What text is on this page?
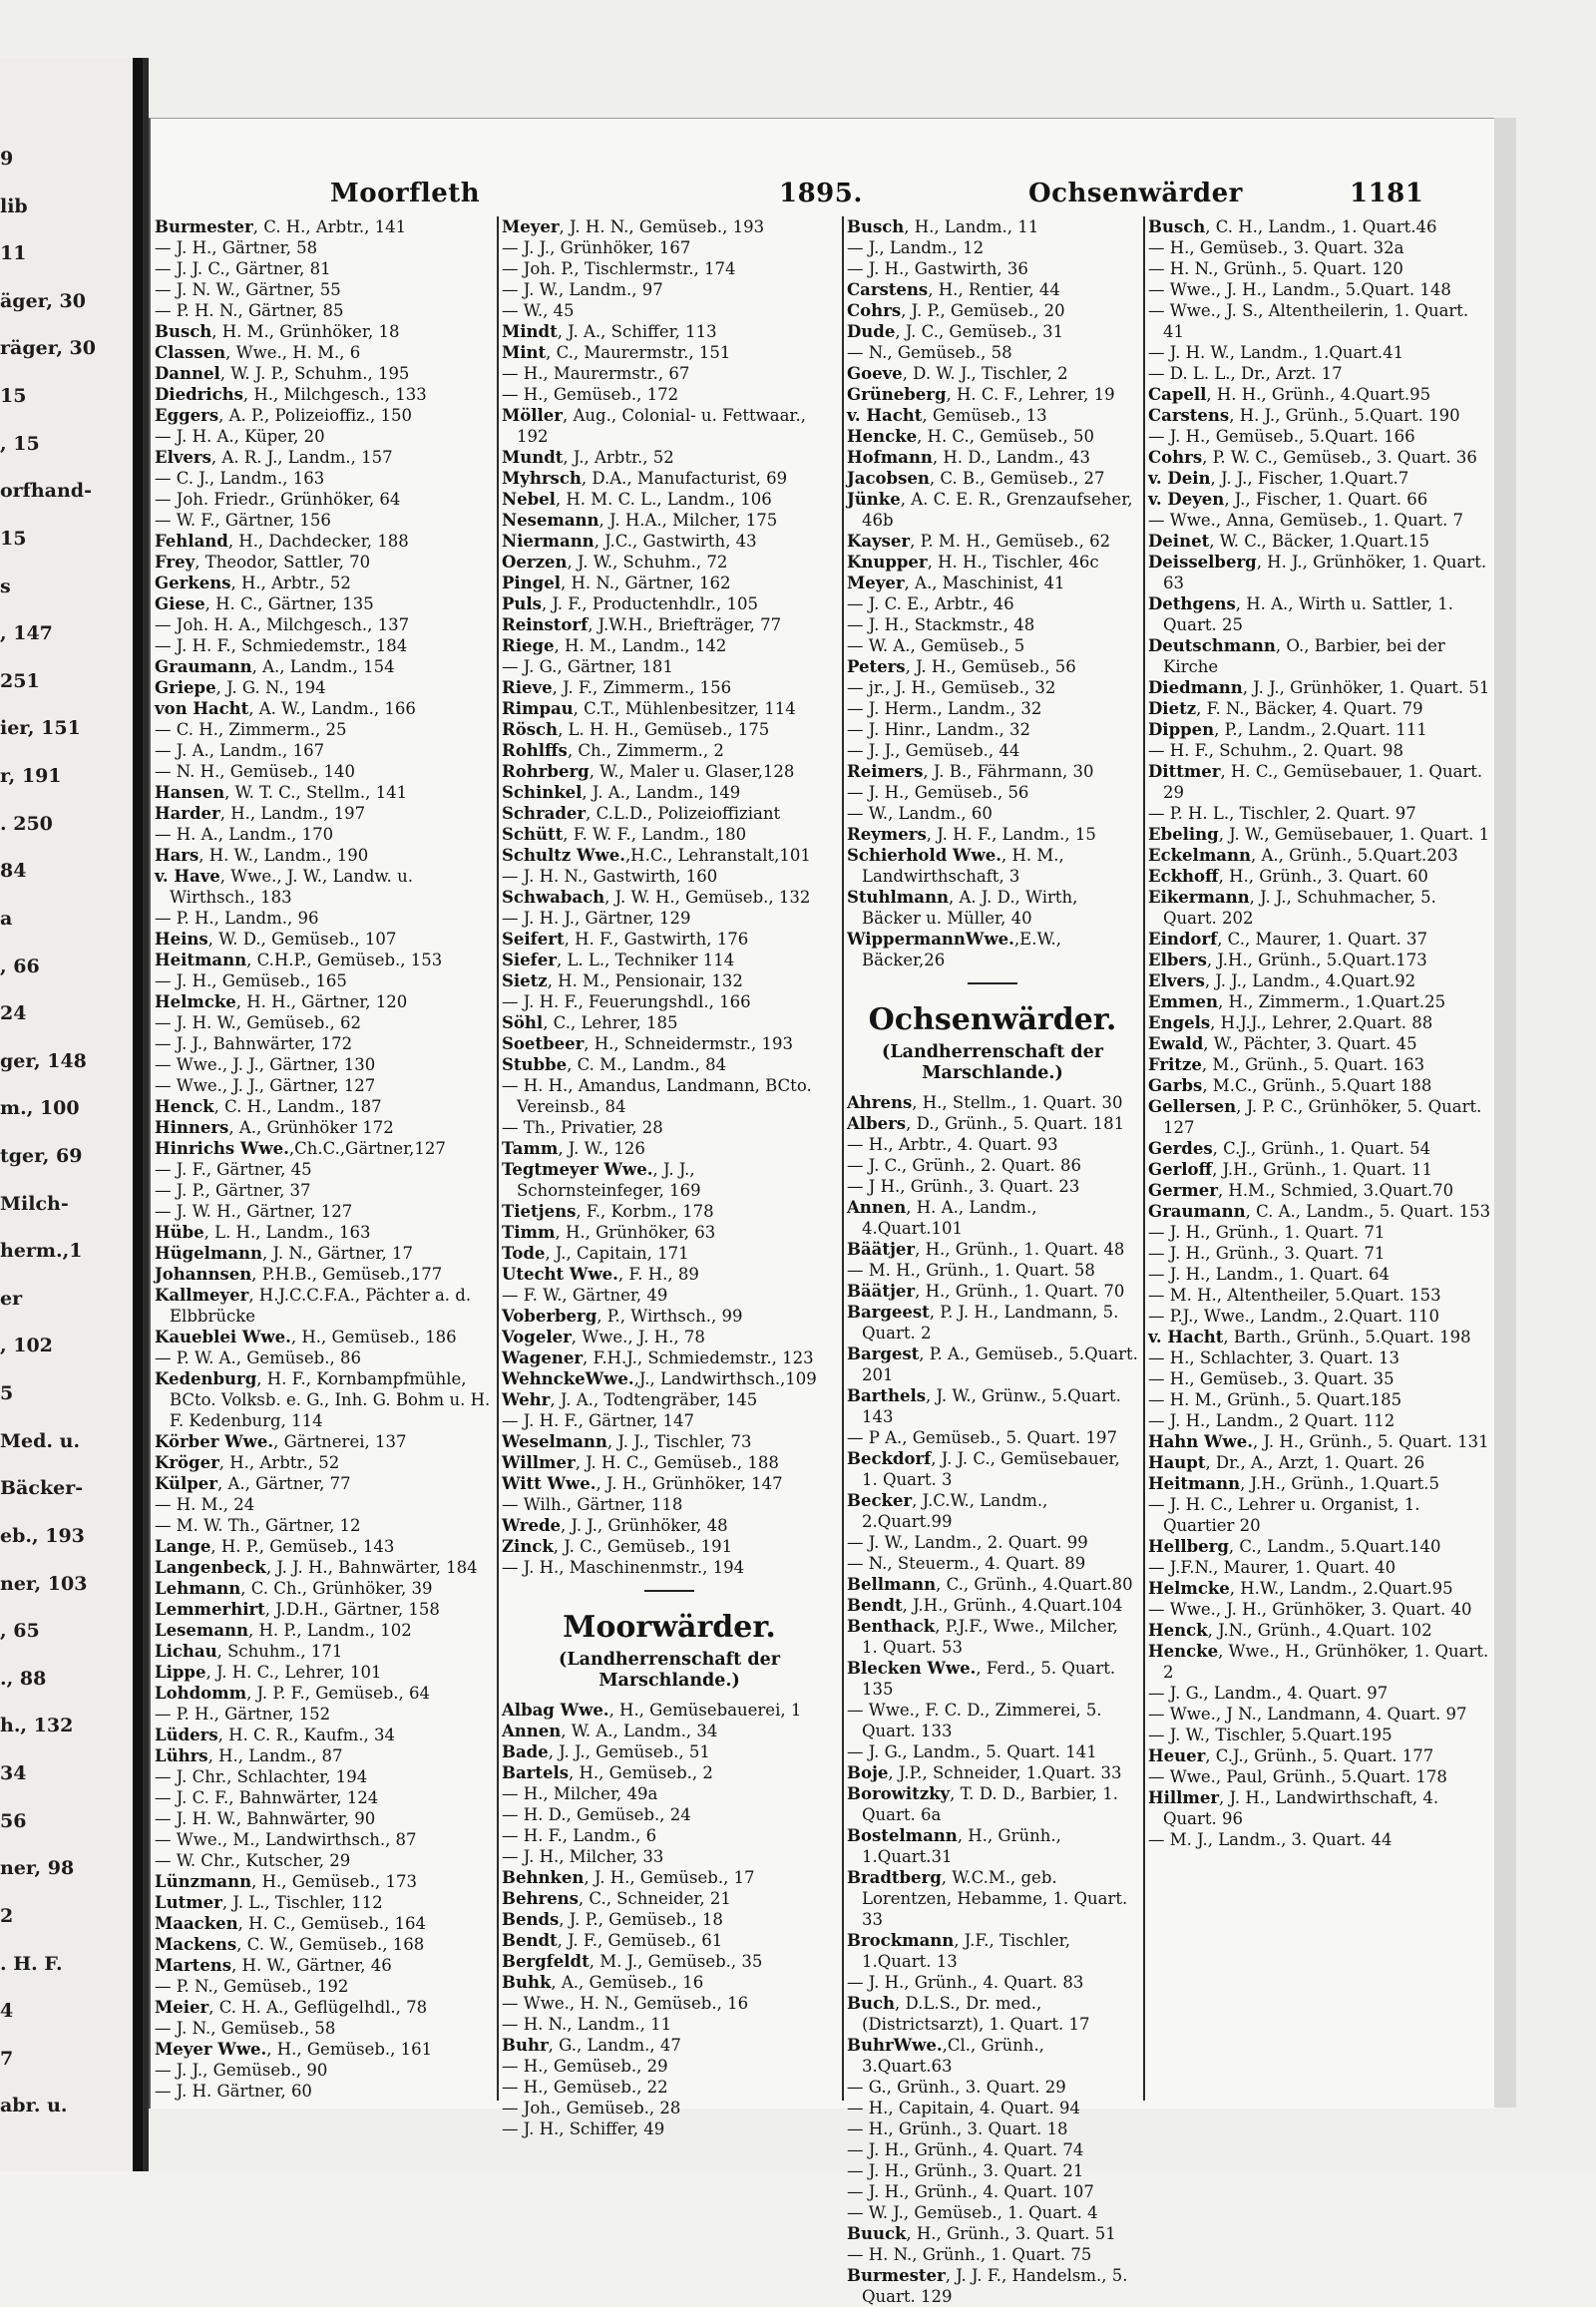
9
lib
11
äger, 30
räger, 30
15
, 15
orfhand-
15
s
, 147
251
ier, 151
r, 191
. 250
84
a
, 66
24
ger, 148
m., 100
tger, 69
Milch-
herm.,1
er
, 102
5
Med. u.
Bäcker-
eb., 193
ner, 103
, 65
., 88
h., 132
34
56
ner, 98
2
. H. F.
4
7
abr. u.
Moorfleth	1895.	Ochsenwärder	1181

Burmester, C. H., Arbtr., 141

— J. H., Gärtner, 58

— J. J. C., Gärtner, 81

— J. N. W., Gärtner, 55

— P. H. N., Gärtner, 85

Busch, H. M., Grünhöker, 18

Classen, Wwe., H. M., 6

Dannel, W. J. P., Schuhm., 195

Diedrichs, H., Milchgesch., 133

Eggers, A. P., Polizeioffiz., 150

— J. H. A., Küper, 20

Elvers, A. R. J., Landm., 157

— C. J., Landm., 163

— Joh. Friedr., Grünhöker, 64

— W. F., Gärtner, 156

Fehland, H., Dachdecker, 188

Frey, Theodor, Sattler, 70

Gerkens, H., Arbtr., 52

Giese, H. C., Gärtner, 135

— Joh. H. A., Milchgesch., 137

— J. H. F., Schmiedemstr., 184

Graumann, A., Landm., 154

Griepe, J. G. N., 194

von Hacht, A. W., Landm., 166

— C. H., Zimmerm., 25

— J. A., Landm., 167

— N. H., Gemüseb., 140

Hansen, W. T. C., Stellm., 141

Harder, H., Landm., 197

— H. A., Landm., 170

Hars, H. W., Landm., 190

v. Have, Wwe., J. W., Landw. u. Wirthsch., 183

— P. H., Landm., 96

Heins, W. D., Gemüseb., 107

Heitmann, C.H.P., Gemüseb., 153

— J. H., Gemüseb., 165

Helmcke, H. H., Gärtner, 120

— J. H. W., Gemüseb., 62

— J. J., Bahnwärter, 172

— Wwe., J. J., Gärtner, 130

— Wwe., J. J., Gärtner, 127

Henck, C. H., Landm., 187

Hinners, A., Grünhöker 172

Hinrichs Wwe.,Ch.C.,Gärtner,127

— J. F., Gärtner, 45

— J. P., Gärtner, 37

— J. W. H., Gärtner, 127

Hübe, L. H., Landm., 163

Hügelmann, J. N., Gärtner, 17

Johannsen, P.H.B., Gemüseb.,177

Kallmeyer, H.J.C.C.F.A., Pächter a. d. Elbbrücke

Kaueblei Wwe., H., Gemüseb., 186

— P. W. A., Gemüseb., 86

Kedenburg, H. F., Kornbampfmühle, BCto. Volksb. e. G., Inh. G. Bohm u. H. F. Kedenburg, 114

Körber Wwe., Gärtnerei, 137

Kröger, H., Arbtr., 52

Külper, A., Gärtner, 77

— H. M., 24

— M. W. Th., Gärtner, 12

Lange, H. P., Gemüseb., 143

Langenbeck, J. J. H., Bahnwärter, 184

Lehmann, C. Ch., Grünhöker, 39

Lemmerhirt, J.D.H., Gärtner, 158

Lesemann, H. P., Landm., 102

Lichau, Schuhm., 171

Lippe, J. H. C., Lehrer, 101

Lohdomm, J. P. F., Gemüseb., 64

— P. H., Gärtner, 152

Lüders, H. C. R., Kaufm., 34

Lührs, H., Landm., 87

— J. Chr., Schlachter, 194

— J. C. F., Bahnwärter, 124

— J. H. W., Bahnwärter, 90

— Wwe., M., Landwirthsch., 87

— W. Chr., Kutscher, 29

Lünzmann, H., Gemüseb., 173

Lutmer, J. L., Tischler, 112

Maacken, H. C., Gemüseb., 164

Mackens, C. W., Gemüseb., 168

Martens, H. W., Gärtner, 46

— P. N., Gemüseb., 192

Meier, C. H. A., Geflügelhdl., 78

— J. N., Gemüseb., 58

Meyer Wwe., H., Gemüseb., 161

— J. J., Gemüseb., 90

— J. H. Gärtner, 60

Meyer, J. H. N., Gemüseb., 193

— J. J., Grünhöker, 167

— Joh. P., Tischlermstr., 174

— J. W., Landm., 97

— W., 45

Mindt, J. A., Schiffer, 113

Mint, C., Maurermstr., 151

— H., Maurermstr., 67

— H., Gemüseb., 172

Möller, Aug., Colonial- u. Fettwaar., 192

Mundt, J., Arbtr., 52

Myhrsch, D.A., Manufacturist, 69

Nebel, H. M. C. L., Landm., 106

Nesemann, J. H.A., Milcher, 175

Niermann, J.C., Gastwirth, 43

Oerzen, J. W., Schuhm., 72

Pingel, H. N., Gärtner, 162

Puls, J. F., Productenhdlr., 105

Reinstorf, J.W.H., Briefträger, 77

Riege, H. M., Landm., 142

— J. G., Gärtner, 181

Rieve, J. F., Zimmerm., 156

Rimpau, C.T., Mühlenbesitzer, 114

Rösch, L. H. H., Gemüseb., 175

Rohlffs, Ch., Zimmerm., 2

Rohrberg, W., Maler u. Glaser,128

Schinkel, J. A., Landm., 149

Schrader, C.L.D., Polizeioffiziant

Schütt, F. W. F., Landm., 180

Schultz Wwe.,H.C., Lehranstalt,101

— J. H. N., Gastwirth, 160

Schwabach, J. W. H., Gemüseb., 132

— J. H. J., Gärtner, 129

Seifert, H. F., Gastwirth, 176

Siefer, L. L., Techniker 114

Sietz, H. M., Pensionair, 132

— J. H. F., Feuerungshdl., 166

Söhl, C., Lehrer, 185

Soetbeer, H., Schneidermstr., 193

Stubbe, C. M., Landm., 84

— H. H., Amandus, Landmann, BCto. Vereinsb., 84

— Th., Privatier, 28

Tamm, J. W., 126

Tegtmeyer Wwe., J. J., Schornsteinfeger, 169

Tietjens, F., Korbm., 178

Timm, H., Grünhöker, 63

Tode, J., Capitain, 171

Utecht Wwe., F. H., 89

— F. W., Gärtner, 49

Voberberg, P., Wirthsch., 99

Vogeler, Wwe., J. H., 78

Wagener, F.H.J., Schmiedemstr., 123

WehnckeWwe.,J., Landwirthsch.,109

Wehr, J. A., Todtengräber, 145

— J. H. F., Gärtner, 147

Weselmann, J. J., Tischler, 73

Willmer, J. H. C., Gemüseb., 188

Witt Wwe., J. H., Grünhöker, 147

— Wilh., Gärtner, 118

Wrede, J. J., Grünhöker, 48

Zinck, J. C., Gemüseb., 191

— J. H., Maschinenmstr., 194

Moorwärder.
(Landherrenschaft der Marschlande.)

Albag Wwe., H., Gemüsebauerei, 1

Annen, W. A., Landm., 34

Bade, J. J., Gemüseb., 51

Bartels, H., Gemüseb., 2

— H., Milcher, 49a

— H. D., Gemüseb., 24

— H. F., Landm., 6

— J. H., Milcher, 33

Behnken, J. H., Gemüseb., 17

Behrens, C., Schneider, 21

Bends, J. P., Gemüseb., 18

Bendt, J. F., Gemüseb., 61

Bergfeldt, M. J., Gemüseb., 35

Buhk, A., Gemüseb., 16

— Wwe., H. N., Gemüseb., 16

— H. N., Landm., 11

Buhr, G., Landm., 47

— H., Gemüseb., 29

— H., Gemüseb., 22

— Joh., Gemüseb., 28

— J. H., Schiffer, 49

Busch, H., Landm., 11

— J., Landm., 12

— J. H., Gastwirth, 36

Carstens, H., Rentier, 44

Cohrs, J. P., Gemüseb., 20

Dude, J. C., Gemüseb., 31

— N., Gemüseb., 58

Goeve, D. W. J., Tischler, 2

Grüneberg, H. C. F., Lehrer, 19

v. Hacht, Gemüseb., 13

Hencke, H. C., Gemüseb., 50

Hofmann, H. D., Landm., 43

Jacobsen, C. B., Gemüseb., 27

Jünke, A. C. E. R., Grenzaufseher, 46b

Kayser, P. M. H., Gemüseb., 62

Knupper, H. H., Tischler, 46c

Meyer, A., Maschinist, 41

— J. C. E., Arbtr., 46

— J. H., Stackmstr., 48

— W. A., Gemüseb., 5

Peters, J. H., Gemüseb., 56

— jr., J. H., Gemüseb., 32

— J. Herm., Landm., 32

— J. Hinr., Landm., 32

— J. J., Gemüseb., 44

Reimers, J. B., Fährmann, 30

— J. H., Gemüseb., 56

— W., Landm., 60

Reymers, J. H. F., Landm., 15

Schierhold Wwe., H. M., Landwirthschaft, 3

Stuhlmann, A. J. D., Wirth, Bäcker u. Müller, 40

WippermannWwe.,E.W., Bäcker,26

Ochsenwärder.
(Landherrenschaft der Marschlande.)

Ahrens, H., Stellm., 1. Quart. 30

Albers, D., Grünh., 5. Quart. 181

— H., Arbtr., 4. Quart. 93

— J. C., Grünh., 2. Quart. 86

— J H., Grünh., 3. Quart. 23

Annen, H. A., Landm., 4.Quart.101

Bäätjer, H., Grünh., 1. Quart. 48

— M. H., Grünh., 1. Quart. 58

Bäätjer, H., Grünh., 1. Quart. 70

Bargeest, P. J. H., Landmann, 5. Quart. 2

Bargest, P. A., Gemüseb., 5.Quart. 201

Barthels, J. W., Grünw., 5.Quart. 143

— P A., Gemüseb., 5. Quart. 197

Beckdorf, J. J. C., Gemüsebauer, 1. Quart. 3

Becker, J.C.W., Landm., 2.Quart.99

— J. W., Landm., 2. Quart. 99

— N., Steuerm., 4. Quart. 89

Bellmann, C., Grünh., 4.Quart.80

Bendt, J.H., Grünh., 4.Quart.104

Benthack, P.J.F., Wwe., Milcher, 1. Quart. 53

Blecken Wwe., Ferd., 5. Quart. 135

— Wwe., F. C. D., Zimmerei, 5. Quart. 133

— J. G., Landm., 5. Quart. 141

Boje, J.P., Schneider, 1.Quart. 33

Borowitzky, T. D. D., Barbier, 1. Quart. 6a

Bostelmann, H., Grünh., 1.Quart.31

Bradtberg, W.C.M., geb. Lorentzen, Hebamme, 1. Quart. 33

Brockmann, J.F., Tischler, 1.Quart. 13

— J. H., Grünh., 4. Quart. 83

Buch, D.L.S., Dr. med., (Districtsarzt), 1. Quart. 17

BuhrWwe.,Cl., Grünh., 3.Quart.63

— G., Grünh., 3. Quart. 29

— H., Capitain, 4. Quart. 94

— H., Grünh., 3. Quart. 18

— J. H., Grünh., 4. Quart. 74

— J. H., Grünh., 3. Quart. 21

— J. H., Grünh., 4. Quart. 107

— W. J., Gemüseb., 1. Quart. 4

Buuck, H., Grünh., 3. Quart. 51

— H. N., Grünh., 1. Quart. 75

Burmester, J. J. F., Handelsm., 5. Quart. 129

Busch, C. H., Landm., 1. Quart.46

— H., Gemüseb., 3. Quart. 32a

— H. N., Grünh., 5. Quart. 120

— Wwe., J. H., Landm., 5.Quart. 148

— Wwe., J. S., Altentheilerin, 1. Quart. 41

— J. H. W., Landm., 1.Quart.41

— D. L. L., Dr., Arzt. 17

Capell, H. H., Grünh., 4.Quart.95

Carstens, H. J., Grünh., 5.Quart. 190

— J. H., Gemüseb., 5.Quart. 166

Cohrs, P. W. C., Gemüseb., 3. Quart. 36

v. Dein, J. J., Fischer, 1.Quart.7

v. Deyen, J., Fischer, 1. Quart. 66

— Wwe., Anna, Gemüseb., 1. Quart. 7

Deinet, W. C., Bäcker, 1.Quart.15

Deisselberg, H. J., Grünhöker, 1. Quart. 63

Dethgens, H. A., Wirth u. Sattler, 1. Quart. 25

Deutschmann, O., Barbier, bei der Kirche

Diedmann, J. J., Grünhöker, 1. Quart. 51

Dietz, F. N., Bäcker, 4. Quart. 79

Dippen, P., Landm., 2.Quart. 111

— H. F., Schuhm., 2. Quart. 98

Dittmer, H. C., Gemüsebauer, 1. Quart. 29

— P. H. L., Tischler, 2. Quart. 97

Ebeling, J. W., Gemüsebauer, 1. Quart. 1

Eckelmann, A., Grünh., 5.Quart.203

Eckhoff, H., Grünh., 3. Quart. 60

Eikermann, J. J., Schuhmacher, 5. Quart. 202

Eindorf, C., Maurer, 1. Quart. 37

Elbers, J.H., Grünh., 5.Quart.173

Elvers, J. J., Landm., 4.Quart.92

Emmen, H., Zimmerm., 1.Quart.25

Engels, H.J.J., Lehrer, 2.Quart. 88

Ewald, W., Pächter, 3. Quart. 45

Fritze, M., Grünh., 5. Quart. 163

Garbs, M.C., Grünh., 5.Quart 188

Gellersen, J. P. C., Grünhöker, 5. Quart. 127

Gerdes, C.J., Grünh., 1. Quart. 54

Gerloff, J.H., Grünh., 1. Quart. 11

Germer, H.M., Schmied, 3.Quart.70

Graumann, C. A., Landm., 5. Quart. 153

— J. H., Grünh., 1. Quart. 71

— J. H., Grünh., 3. Quart. 71

— J. H., Landm., 1. Quart. 64

— M. H., Altentheiler, 5.Quart. 153

— P.J., Wwe., Landm., 2.Quart. 110

v. Hacht, Barth., Grünh., 5.Quart. 198

— H., Schlachter, 3. Quart. 13

— H., Gemüseb., 3. Quart. 35

— H. M., Grünh., 5. Quart.185

— J. H., Landm., 2 Quart. 112

Hahn Wwe., J. H., Grünh., 5. Quart. 131

Haupt, Dr., A., Arzt, 1. Quart. 26

Heitmann, J.H., Grünh., 1.Quart.5

— J. H. C., Lehrer u. Organist, 1. Quartier 20

Hellberg, C., Landm., 5.Quart.140

— J.F.N., Maurer, 1. Quart. 40

Helmcke, H.W., Landm., 2.Quart.95

— Wwe., J. H., Grünhöker, 3. Quart. 40

Henck, J.N., Grünh., 4.Quart. 102

Hencke, Wwe., H., Grünhöker, 1. Quart. 2

— J. G., Landm., 4. Quart. 97

— Wwe., J N., Landmann, 4. Quart. 97

— J. W., Tischler, 5.Quart.195

Heuer, C.J., Grünh., 5. Quart. 177

— Wwe., Paul, Grünh., 5.Quart. 178

Hillmer, J. H., Landwirthschaft, 4. Quart. 96

— M. J., Landm., 3. Quart. 44
